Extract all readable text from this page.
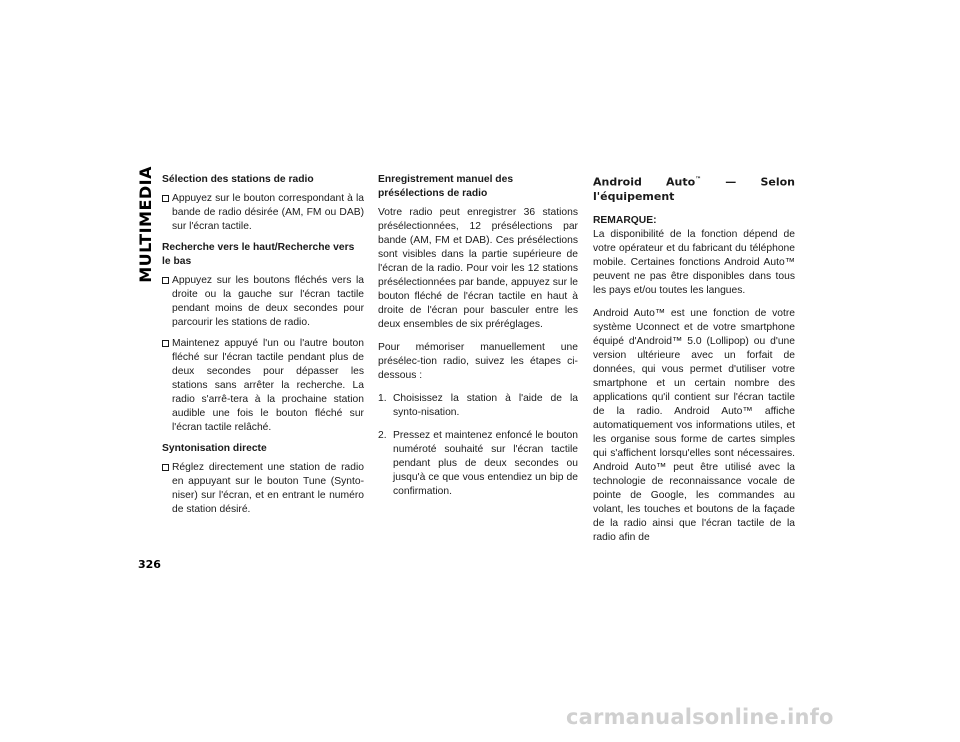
MULTIMEDIA
326
Sélection des stations de radio
Appuyez sur le bouton correspondant à la bande de radio désirée (AM, FM ou DAB) sur l'écran tactile.
Recherche vers le haut/Recherche vers le bas
Appuyez sur les boutons fléchés vers la droite ou la gauche sur l'écran tactile pendant moins de deux secondes pour parcourir les stations de radio.
Maintenez appuyé l'un ou l'autre bouton fléché sur l'écran tactile pendant plus de deux secondes pour dépasser les stations sans arrêter la recherche. La radio s'arrê-tera à la prochaine station audible une fois le bouton fléché sur l'écran tactile relâché.
Syntonisation directe
Réglez directement une station de radio en appuyant sur le bouton Tune (Synto-niser) sur l'écran, et en entrant le numéro de station désiré.
Enregistrement manuel des présélections de radio

Votre radio peut enregistrer 36 stations présélectionnées, 12 présélections par bande (AM, FM et DAB). Ces présélections sont visibles dans la partie supérieure de l'écran de la radio. Pour voir les 12 stations présélectionnées par bande, appuyez sur le bouton fléché de l'écran tactile en haut à droite de l'écran pour basculer entre les deux ensembles de six préréglages.

Pour mémoriser manuellement une présélec-tion radio, suivez les étapes ci-dessous :

1. Choisissez la station à l'aide de la synto-nisation.
2. Pressez et maintenez enfoncé le bouton numéroté souhaité sur l'écran tactile pendant plus de deux secondes ou jusqu'à ce que vous entendiez un bip de confirmation.
Android Auto™ — Selon l'équipement
REMARQUE:

La disponibilité de la fonction dépend de votre opérateur et du fabricant du téléphone mobile. Certaines fonctions Android Auto™ peuvent ne pas être disponibles dans tous les pays et/ou toutes les langues.

Android Auto™ est une fonction de votre système Uconnect et de votre smartphone équipé d'Android™ 5.0 (Lollipop) ou d'une version ultérieure avec un forfait de données, qui vous permet d'utiliser votre smartphone et un certain nombre des applications qu'il contient sur l'écran tactile de la radio. Android Auto™ affiche automatiquement vos informations utiles, et les organise sous forme de cartes simples qui s'affichent lorsqu'elles sont nécessaires. Android Auto™ peut être utilisé avec la technologie de reconnaissance vocale de pointe de Google, les commandes au volant, les touches et boutons de la façade de la radio ainsi que l'écran tactile de la radio afin de

carmanualsonline.info
